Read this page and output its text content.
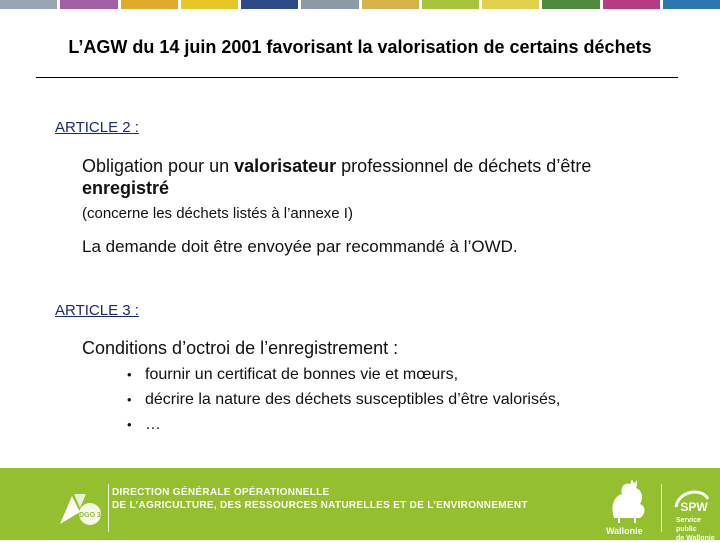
L’AGW du 14 juin 2001 favorisant la valorisation de certains déchets
ARTICLE 2 :
Obligation pour un valorisateur professionnel de déchets d’être
enregistré
(concerne les déchets listés à l’annexe I)
La demande doit être envoyée par recommandé à l’OWD.
ARTICLE 3 :
Conditions d’octroi de l’enregistrement :
• fournir un certificat de bonnes vie et mœurs,
• décrire la nature des déchets susceptibles d’être valorisés,
• …
DGO 3
DIRECTION GÉNÉRALE OPÉRATIONNELLE
DE L’AGRICULTURE, DES RESSOURCES NATURELLES ET DE L’ENVIRONNEMENT
Wallonie
SPW
Service public
de Wallonie
